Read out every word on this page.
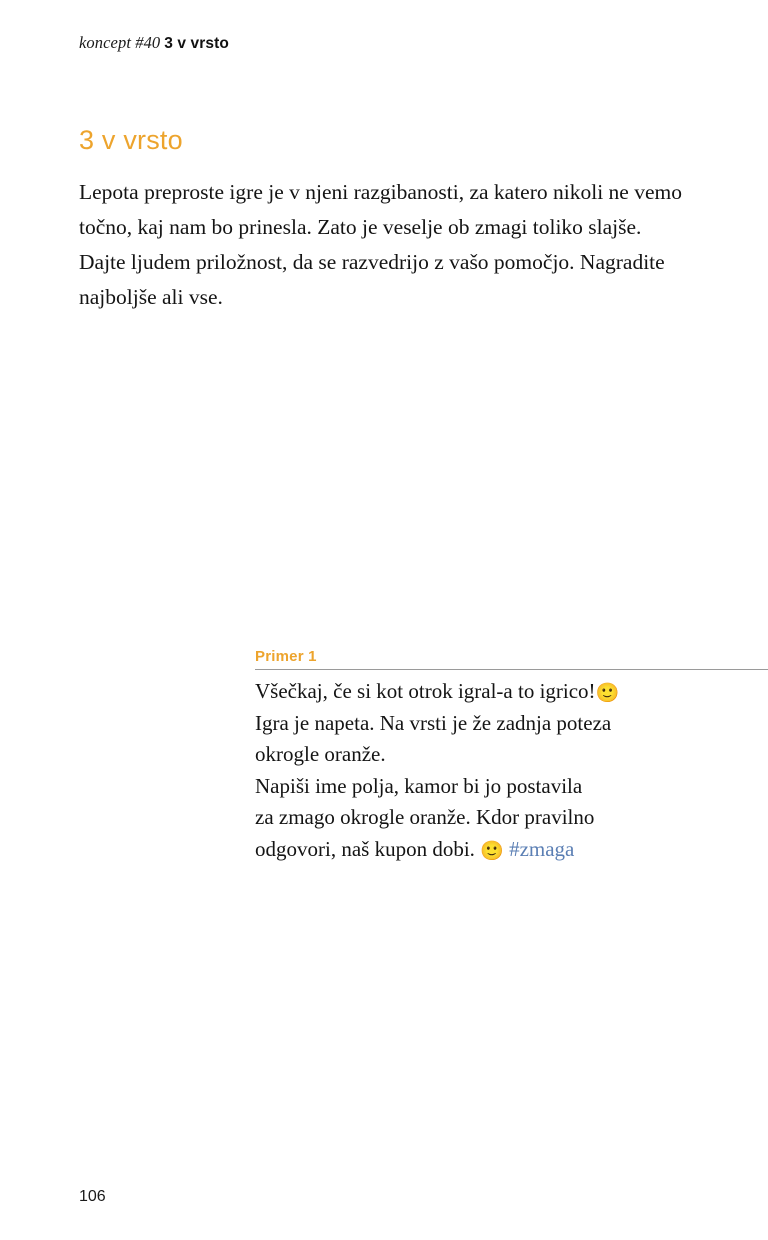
koncept #40 3 v vrsto
3 v vrsto
Lepota preproste igre je v njeni razgibanosti, za katero nikoli ne vemo točno, kaj nam bo prinesla. Zato je veselje ob zmagi toliko slajše. Dajte ljudem priložnost, da se razvedrijo z vašo pomočjo. Nagradite najboljše ali vse.
Primer 1

Všečkaj, če si kot otrok igral-a to igrico!🙂

Igra je napeta. Na vrsti je že zadnja poteza

okrogle oranže.

Napiši ime polja, kamor bi jo postavila

za zmago okrogle oranže. Kdor pravilno

odgovori, naš kupon dobi. 🙂 #zmaga

106
